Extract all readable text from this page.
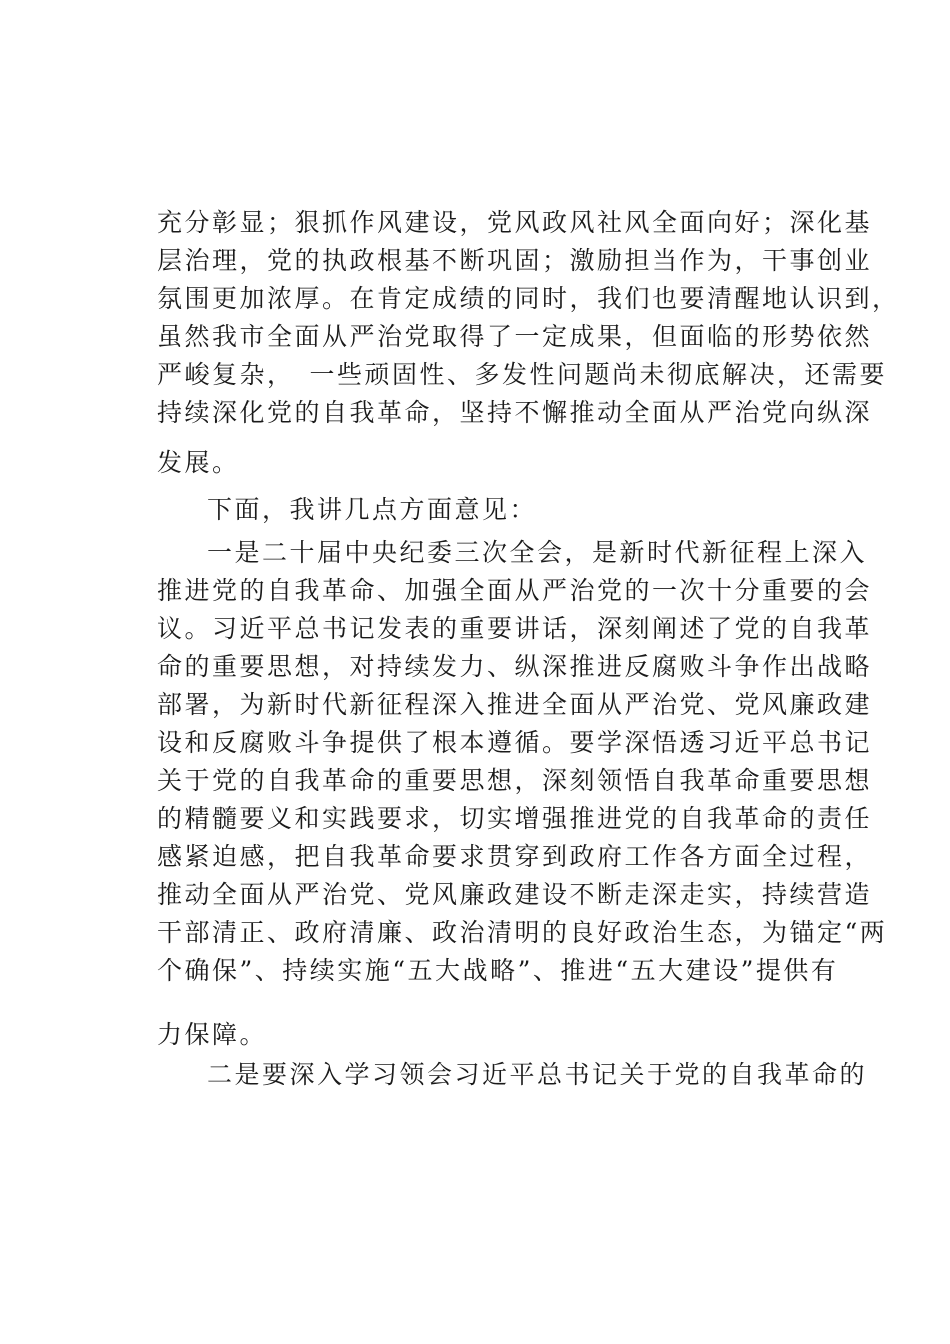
充分彰显；狠抓作风建设，党风政风社风全面向好；深化基
层治理，党的执政根基不断巩固；激励担当作为，干事创业
氛围更加浓厚。在肯定成绩的同时，我们也要清醒地认识到，
虽然我市全面从严治党取得了一定成果，但面临的形势依然
严峻复杂，　一些顽固性、多发性问题尚未彻底解决，还需要
持续深化党的自我革命，坚持不懈推动全面从严治党向纵深
发展。
下面，我讲几点方面意见：
一是二十届中央纪委三次全会，是新时代新征程上深入
推进党的自我革命、加强全面从严治党的一次十分重要的会
议。习近平总书记发表的重要讲话，深刻阐述了党的自我革
命的重要思想，对持续发力、纵深推进反腐败斗争作出战略
部署，为新时代新征程深入推进全面从严治党、党风廉政建
设和反腐败斗争提供了根本遵循。要学深悟透习近平总书记
关于党的自我革命的重要思想，深刻领悟自我革命重要思想
的精髓要义和实践要求，切实增强推进党的自我革命的责任
感紧迫感，把自我革命要求贯穿到政府工作各方面全过程，
推动全面从严治党、党风廉政建设不断走深走实，持续营造
干部清正、政府清廉、政治清明的良好政治生态，为锚定“两
个确保”、持续实施“五大战略”、推进“五大建设”提供有
力保障。
二是要深入学习领会习近平总书记关于党的自我革命的
